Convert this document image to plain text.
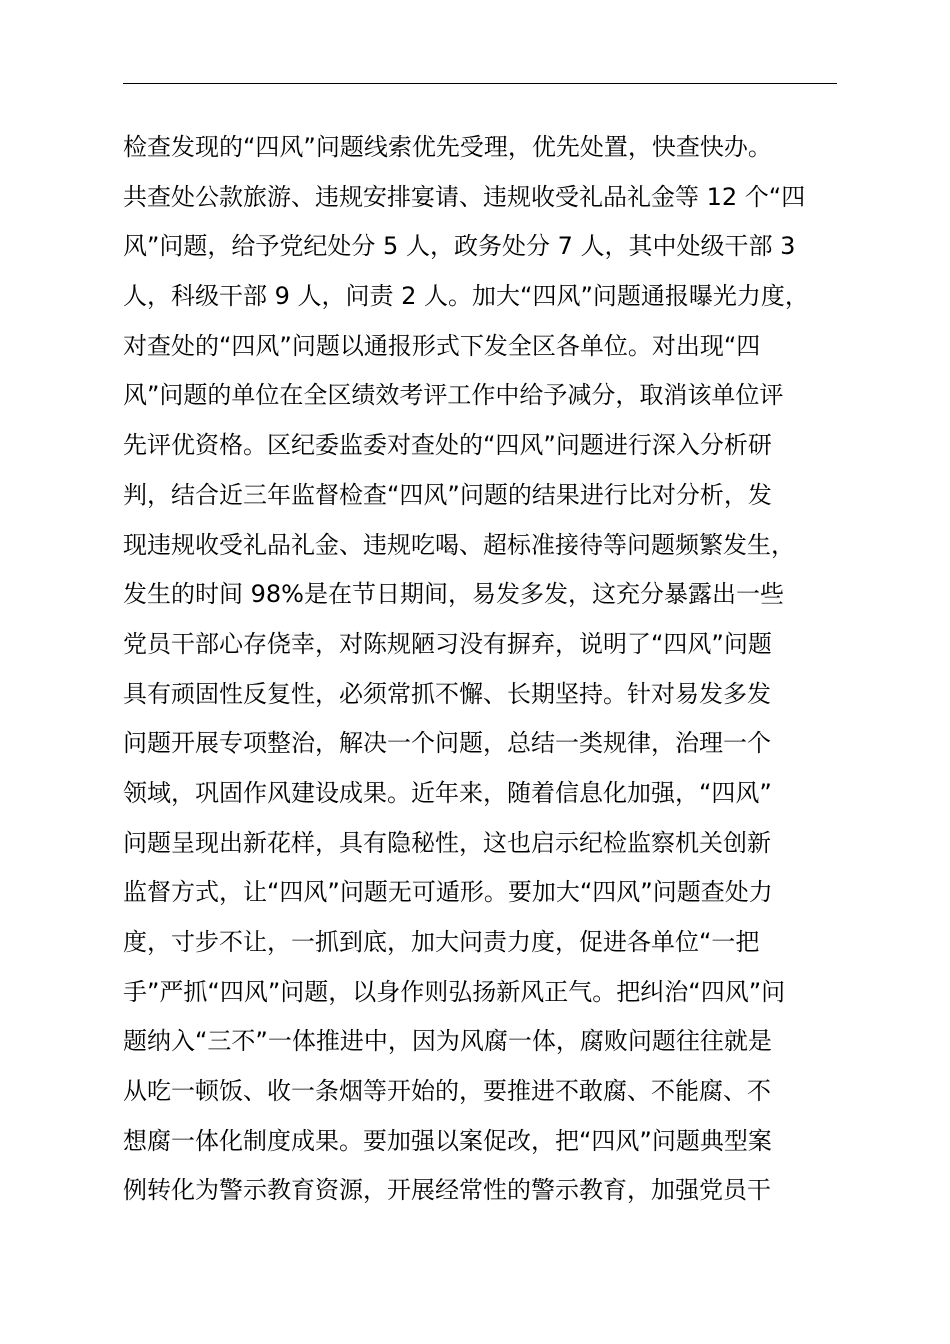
检查发现的“四风”问题线索优先受理，优先处置，快查快办。
共查处公款旅游、违规安排宴请、违规收受礼品礼金等 12 个“四
风”问题，给予党纪处分 5 人，政务处分 7 人，其中处级干部 3
人，科级干部 9 人，问责 2 人。加大“四风”问题通报曝光力度，
对查处的“四风”问题以通报形式下发全区各单位。对出现“四
风”问题的单位在全区绩效考评工作中给予减分，取消该单位评
先评优资格。区纪委监委对查处的“四风”问题进行深入分析研
判，结合近三年监督检查“四风”问题的结果进行比对分析，发
现违规收受礼品礼金、违规吃喝、超标准接待等问题频繁发生，
发生的时间 98%是在节日期间，易发多发，这充分暴露出一些
党员干部心存侥幸，对陈规陋习没有摒弃，说明了“四风”问题
具有顽固性反复性，必须常抓不懈、长期坚持。针对易发多发
问题开展专项整治，解决一个问题，总结一类规律，治理一个
领域，巩固作风建设成果。近年来，随着信息化加强，“四风”
问题呈现出新花样，具有隐秘性，这也启示纪检监察机关创新
监督方式，让“四风”问题无可遁形。要加大“四风”问题查处力
度，寸步不让，一抓到底，加大问责力度，促进各单位“一把
手”严抓“四风”问题，以身作则弘扬新风正气。把纠治“四风”问
题纳入“三不”一体推进中，因为风腐一体，腐败问题往往就是
从吃一顿饭、收一条烟等开始的，要推进不敢腐、不能腐、不
想腐一体化制度成果。要加强以案促改，把“四风”问题典型案
例转化为警示教育资源，开展经常性的警示教育，加强党员干
